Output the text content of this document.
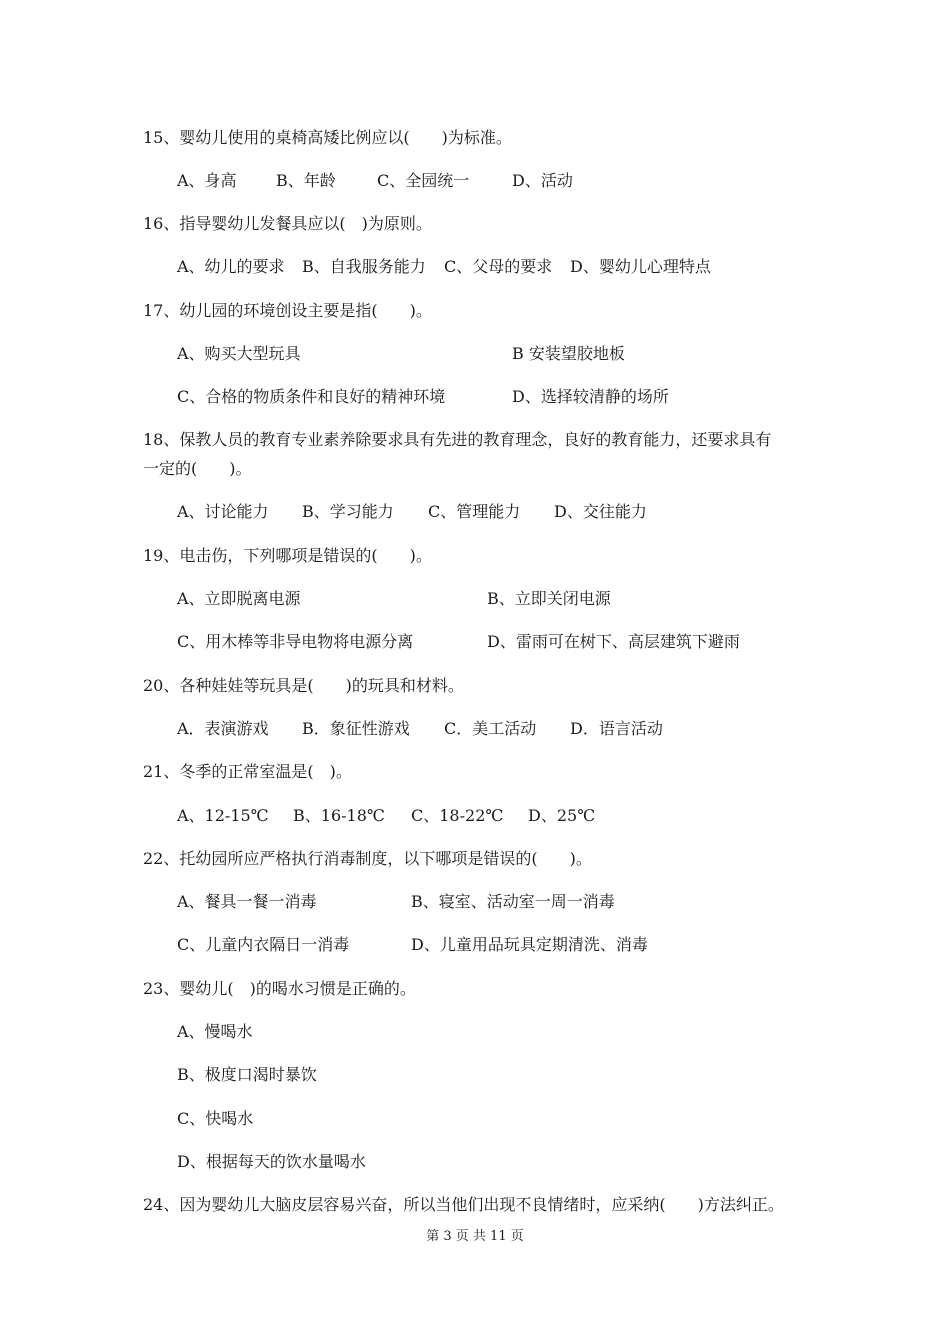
15、婴幼儿使用的桌椅高矮比例应以(　　)为标准。
A、身高 B、年龄	C、全园统一	D、活动
16、指导婴幼儿发餐具应以(　)为原则。
A、幼儿的要求 B、自我服务能力 C、父母的要求 D、婴幼儿心理特点
17、幼儿园的环境创设主要是指(　　)。
A、购买大型玩具	B 安装望胶地板
C、合格的物质条件和良好的精神环境	D、选择较清静的场所
18、保教人员的教育专业素养除要求具有先进的教育理念，良好的教育能力，还要求具有
一定的(　　)。
A、讨论能力 B、学习能力 C、管理能力 D、交往能力
19、电击伤，下列哪项是错误的(　　)。
A、立即脱离电源	B、立即关闭电源
C、用木棒等非导电物将电源分离	D、雷雨可在树下、高层建筑下避雨
20、各种娃娃等玩具是(　　)的玩具和材料。
A．表演游戏 B．象征性游戏 C．美工活动 D．语言活动
21、冬季的正常室温是(　)。
A、12-15℃ B、16-18℃ C、18-22℃ D、25℃
22、托幼园所应严格执行消毒制度，以下哪项是错误的(　　)。
A、餐具一餐一消毒	B、寝室、活动室一周一消毒
C、儿童内衣隔日一消毒	D、儿童用品玩具定期清洗、消毒
23、婴幼儿(　)的喝水习惯是正确的。
A、慢喝水
B、极度口渴时暴饮
C、快喝水
D、根据每天的饮水量喝水
24、因为婴幼儿大脑皮层容易兴奋，所以当他们出现不良情绪时，应采纳(　　)方法纠正。
第 3 页 共 11 页
